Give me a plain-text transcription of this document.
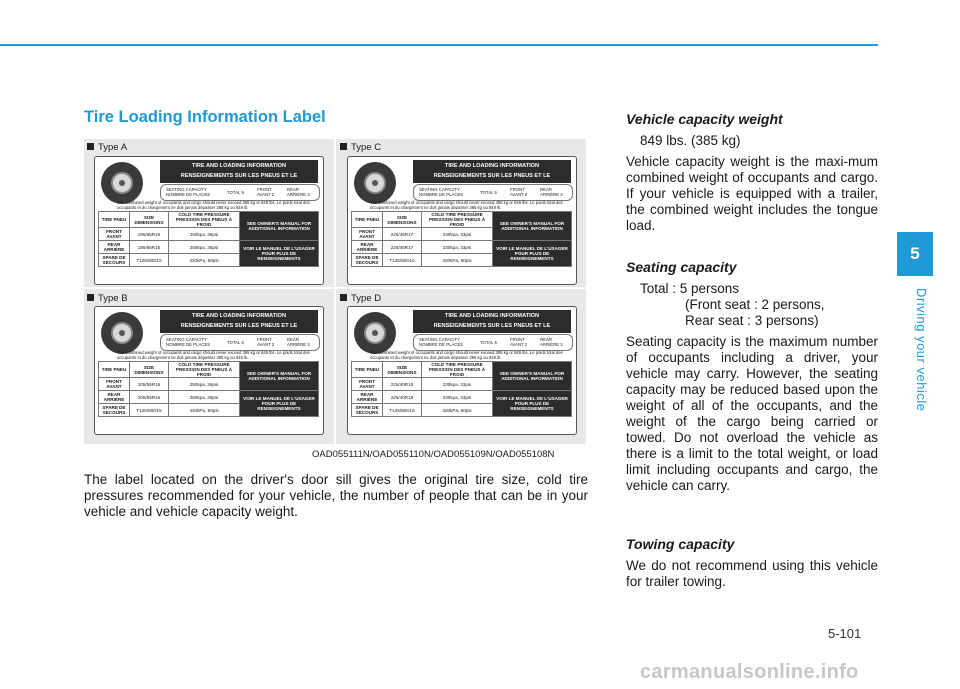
Tire Loading Information Label
Type A	Type C
Type B	Type D
TIRE AND LOADING INFORMATION
RENSEIGNEMENTS SUR LES PNEUS ET LE CHARGEMENT
SEATING CAPACITY NOMBRE DE PLACES	TOTAL 5
FRONT AVANT 2
REAR ARRIÈRE 3
The combined weight of occupants and cargo should never exceed 385 kg or 849 lbs. Le poids total des occupants et du chargement ne doit jamais dépasser 385 kg ou 849 lb.
TIRE PNEU	SIZE DIMENSIONS	COLD TIRE PRESSURE PRESSION DES PNEUS À FROID	SEE OWNER'S MANUAL FOR ADDITIONAL INFORMATION
FRONT AVANT	195/65R15	250kpa, 36psi	
REAR ARRIÈRE	195/65R15	250kpa, 36psi	VOIR LE MANUEL DE L'USAGER POUR PLUS DE RENSEIGNEMENTS
SPARE DE SECOURS	T125/80D15	420kPa, 60psi	
TIRE AND LOADING INFORMATION
RENSEIGNEMENTS SUR LES PNEUS ET LE CHARGEMENT
SEATING CAPACITY NOMBRE DE PLACES	TOTAL 5
FRONT AVANT 2
REAR ARRIÈRE 3
The combined weight of occupants and cargo should never exceed 385 kg or 849 lbs. Le poids total des occupants et du chargement ne doit jamais dépasser 385 kg ou 849 lb.
TIRE PNEU	SIZE DIMENSIONS	COLD TIRE PRESSURE PRESSION DES PNEUS À FROID	SEE OWNER'S MANUAL FOR ADDITIONAL INFORMATION
FRONT AVANT	225/45R17	230kpa, 33psi	
REAR ARRIÈRE	225/45R17	230kpa, 33psi	VOIR LE MANUEL DE L'USAGER POUR PLUS DE RENSEIGNEMENTS
SPARE DE SECOURS	T125/80D15	420kPa, 60psi	
TIRE AND LOADING INFORMATION
RENSEIGNEMENTS SUR LES PNEUS ET LE CHARGEMENT
SEATING CAPACITY NOMBRE DE PLACES	TOTAL 5
FRONT AVANT 2
REAR ARRIÈRE 3
The combined weight of occupants and cargo should never exceed 385 kg or 849 lbs. Le poids total des occupants et du chargement ne doit jamais dépasser 385 kg ou 849 lb.
TIRE PNEU	SIZE DIMENSIONS	COLD TIRE PRESSURE PRESSION DES PNEUS À FROID	SEE OWNER'S MANUAL FOR ADDITIONAL INFORMATION
FRONT AVANT	205/55R16	250kpa, 36psi	
REAR ARRIÈRE	205/55R16	250kpa, 36psi	VOIR LE MANUEL DE L'USAGER POUR PLUS DE RENSEIGNEMENTS
SPARE DE SECOURS	T125/80D15	420kPa, 60psi	
TIRE AND LOADING INFORMATION
RENSEIGNEMENTS SUR LES PNEUS ET LE CHARGEMENT
SEATING CAPACITY NOMBRE DE PLACES	TOTAL 5
FRONT AVANT 2
REAR ARRIÈRE 3
The combined weight of occupants and cargo should never exceed 385 kg or 849 lbs. Le poids total des occupants et du chargement ne doit jamais dépasser 385 kg ou 849 lb.
TIRE PNEU	SIZE DIMENSIONS	COLD TIRE PRESSURE PRESSION DES PNEUS À FROID	SEE OWNER'S MANUAL FOR ADDITIONAL INFORMATION
FRONT AVANT	225/40R18	230kpa, 33psi	
REAR ARRIÈRE	225/40R18	230kpa, 33psi	VOIR LE MANUEL DE L'USAGER POUR PLUS DE RENSEIGNEMENTS
SPARE DE SECOURS	T125/80D16	420kPa, 60psi	
OAD055111N/OAD055110N/OAD055109N/OAD055108N
The label located on the driver's door sill gives the original tire size, cold tire pressures recommended for your vehicle, the number of people that can be in your vehicle and vehicle capacity weight.
Vehicle capacity weight
849 lbs. (385 kg)
Vehicle capacity weight is the maxi-mum combined weight of occupants and cargo. If your vehicle is equipped with a trailer, the combined weight includes the tongue load.
Seating capacity
Total : 5 persons
(Front seat : 2 persons,
Rear seat : 3 persons)
Seating capacity is the maximum number of occupants including a driver, your vehicle may carry. However, the seating capacity may be reduced based upon the weight of all of the occupants, and the weight of the cargo being carried or towed. Do not overload the vehicle as there is a limit to the total weight, or load limit including occupants and cargo, the vehicle can carry.
Towing capacity
We do not recommend using this vehicle for trailer towing.
5
Driving your vehicle
5-101
carmanualsonline.info
